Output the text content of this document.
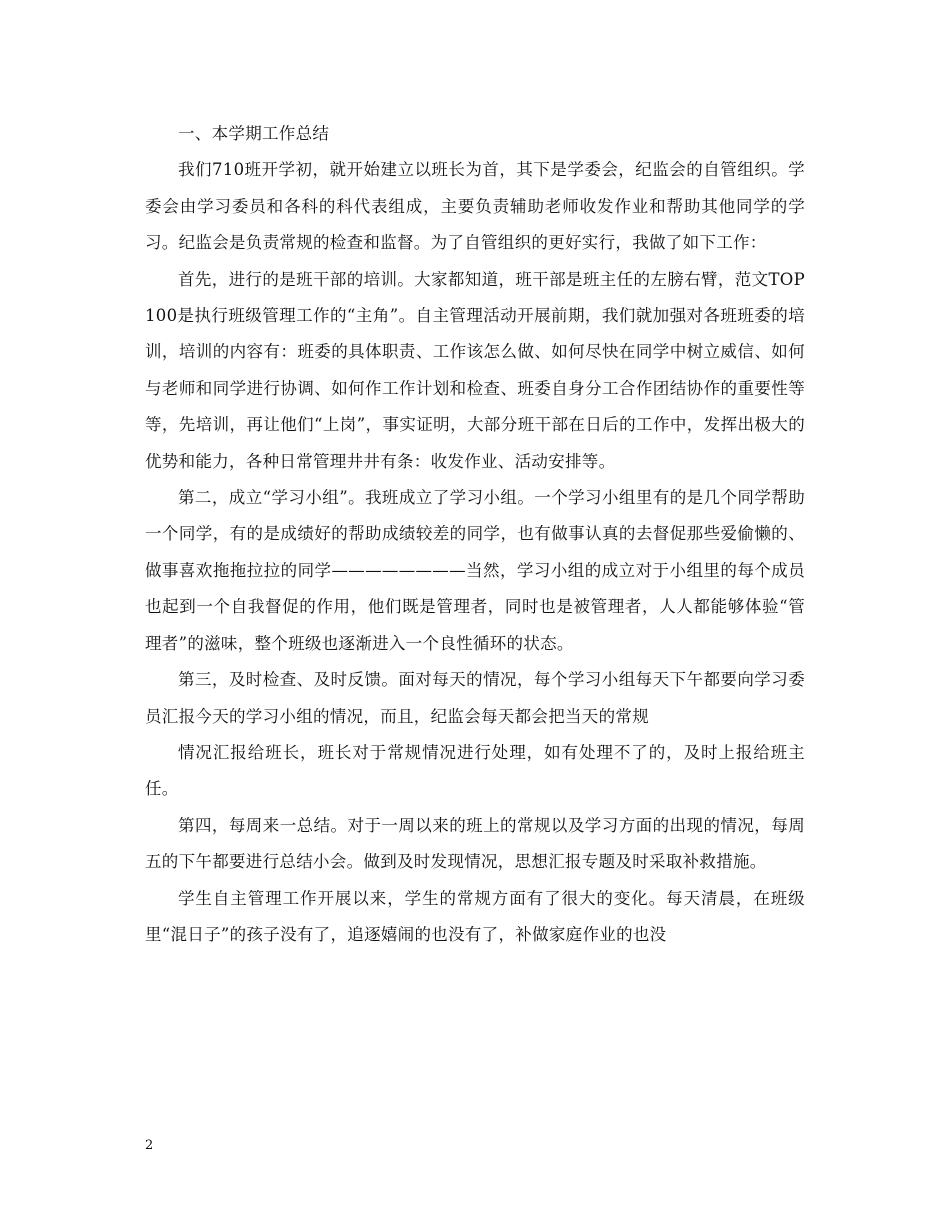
一、本学期工作总结

我们710班开学初，就开始建立以班长为首，其下是学委会，纪监会的自管组织。学委会由学习委员和各科的科代表组成，主要负责辅助老师收发作业和帮助其他同学的学习。纪监会是负责常规的检查和监督。为了自管组织的更好实行，我做了如下工作：

首先，进行的是班干部的培训。大家都知道，班干部是班主任的左膀右臂，范文TOP100是执行班级管理工作的“主角”。自主管理活动开展前期，我们就加强对各班班委的培训，培训的内容有：班委的具体职责、工作该怎么做、如何尽快在同学中树立威信、如何与老师和同学进行协调、如何作工作计划和检查、班委自身分工合作团结协作的重要性等等，先培训，再让他们“上岗”，事实证明，大部分班干部在日后的工作中，发挥出极大的优势和能力，各种日常管理井井有条：收发作业、活动安排等。

第二，成立“学习小组”。我班成立了学习小组。一个学习小组里有的是几个同学帮助一个同学，有的是成绩好的帮助成绩较差的同学，也有做事认真的去督促那些爱偷懒的、做事喜欢拖拖拉拉的同学————————当然，学习小组的成立对于小组里的每个成员也起到一个自我督促的作用，他们既是管理者，同时也是被管理者，人人都能够体验“管理者”的滋味，整个班级也逐渐进入一个良性循环的状态。

第三，及时检查、及时反馈。面对每天的情况，每个学习小组每天下午都要向学习委员汇报今天的学习小组的情况，而且，纪监会每天都会把当天的常规

情况汇报给班长，班长对于常规情况进行处理，如有处理不了的，及时上报给班主任。

第四，每周来一总结。对于一周以来的班上的常规以及学习方面的出现的情况，每周五的下午都要进行总结小会。做到及时发现情况，思想汇报专题及时采取补救措施。

学生自主管理工作开展以来，学生的常规方面有了很大的变化。每天清晨，在班级里“混日子”的孩子没有了，追逐嬉闹的也没有了，补做家庭作业的也没

2
